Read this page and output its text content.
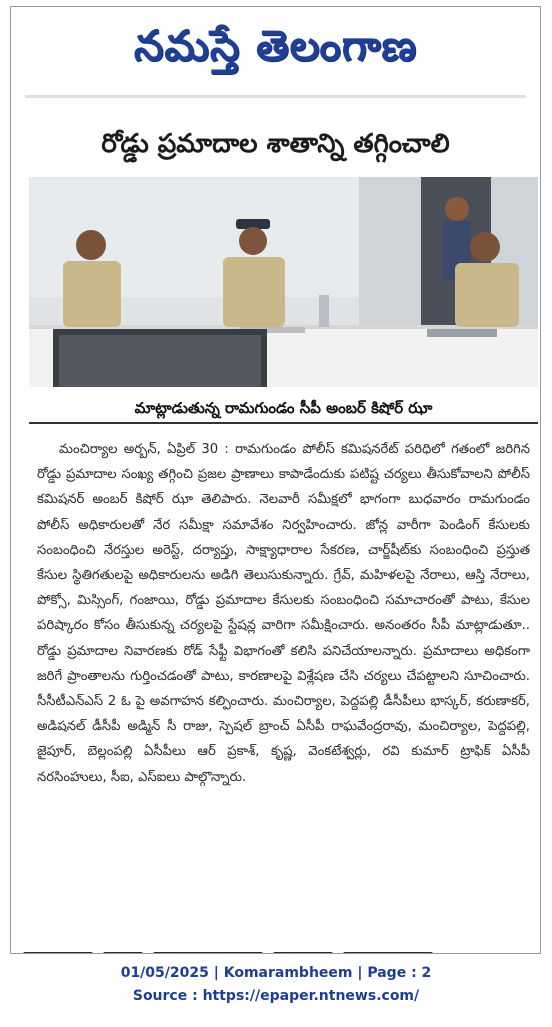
నమస్తే తెలంగాణ
రోడ్డు ప్రమాదాల శాతాన్ని తగ్గించాలి
మాట్లాడుతున్న రామగుండం సీపీ అంబర్ కిషోర్ ఝా

మంచిర్యాల అర్బన్, ఏప్రిల్ 30 : రామగుండం పోలీస్ కమిషనరేట్ పరిధిలో గతంలో జరిగిన రోడ్డు ప్రమాదాల సంఖ్య తగ్గించి ప్రజల ప్రాణాలు కాపాడేందుకు పటిష్ట చర్యలు తీసుకోవాలని పోలీస్ కమిషనర్ అంబర్ కిషోర్ ఝా తెలిపారు. నెలవారీ సమీక్షలో భాగంగా బుధవారం రామగుండం పోలీస్ అధికారులతో నేర సమీక్షా సమావేశం నిర్వహించారు. జోన్ల వారీగా పెండింగ్ కేసులకు సంబంధించి నేరస్తుల అరెస్ట్, దర్యాప్తు, సాక్ష్యాధారాల సేకరణ, చార్జ్‌షీట్‌కు సంబంధించి ప్రస్తుత కేసుల స్థితిగతులపై అధికారులను అడిగి తెలుసుకున్నారు. గ్రేవ్, మహిళలపై నేరాలు, ఆస్తి నేరాలు, పోక్సో, మిస్సింగ్, గంజాయి, రోడ్డు ప్రమాదాల కేసులకు సంబంధించి సమాచారంతో పాటు, కేసుల పరిష్కారం కోసం తీసుకున్న చర్యలపై స్టేషన్ల వారిగా సమీక్షించారు. అనంతరం సీపీ మాట్లాడుతూ.. రోడ్డు ప్రమాదాల నివారణకు రోడ్ సేఫ్టీ విభాగంతో కలిసి పనిచేయాలన్నారు. ప్రమాదాలు అధికంగా జరిగే ప్రాంతాలను గుర్తించడంతో పాటు, కారణాలపై విశ్లేషణ చేసి చర్యలు చేపట్టాలని సూచించారు. సీసీటీఎన్ఎస్ 2 ఓ పై అవగాహన కల్పించారు. మంచిర్యాల, పెద్దపల్లి డీసీపీలు భాస్కర్, కరుణాకర్, అడిషనల్ డీసీపీ అడ్మిన్ సీ రాజు, స్పెషల్ బ్రాంచ్ ఏసీపీ రాఘవేంద్రరావు, మంచిర్యాల, పెద్దపల్లి, జైపూర్, బెల్లంపల్లి ఏసీపీలు ఆర్ ప్రకాశ్, కృష్ణ, వెంకటేశ్వర్లు, రవి కుమార్ ట్రాఫిక్ ఏసీపీ నరసింహులు, సీఐ, ఎస్ఐలు పాల్గొన్నారు.

01/05/2025 | Komarambheem | Page : 2
Source : https://epaper.ntnews.com/
